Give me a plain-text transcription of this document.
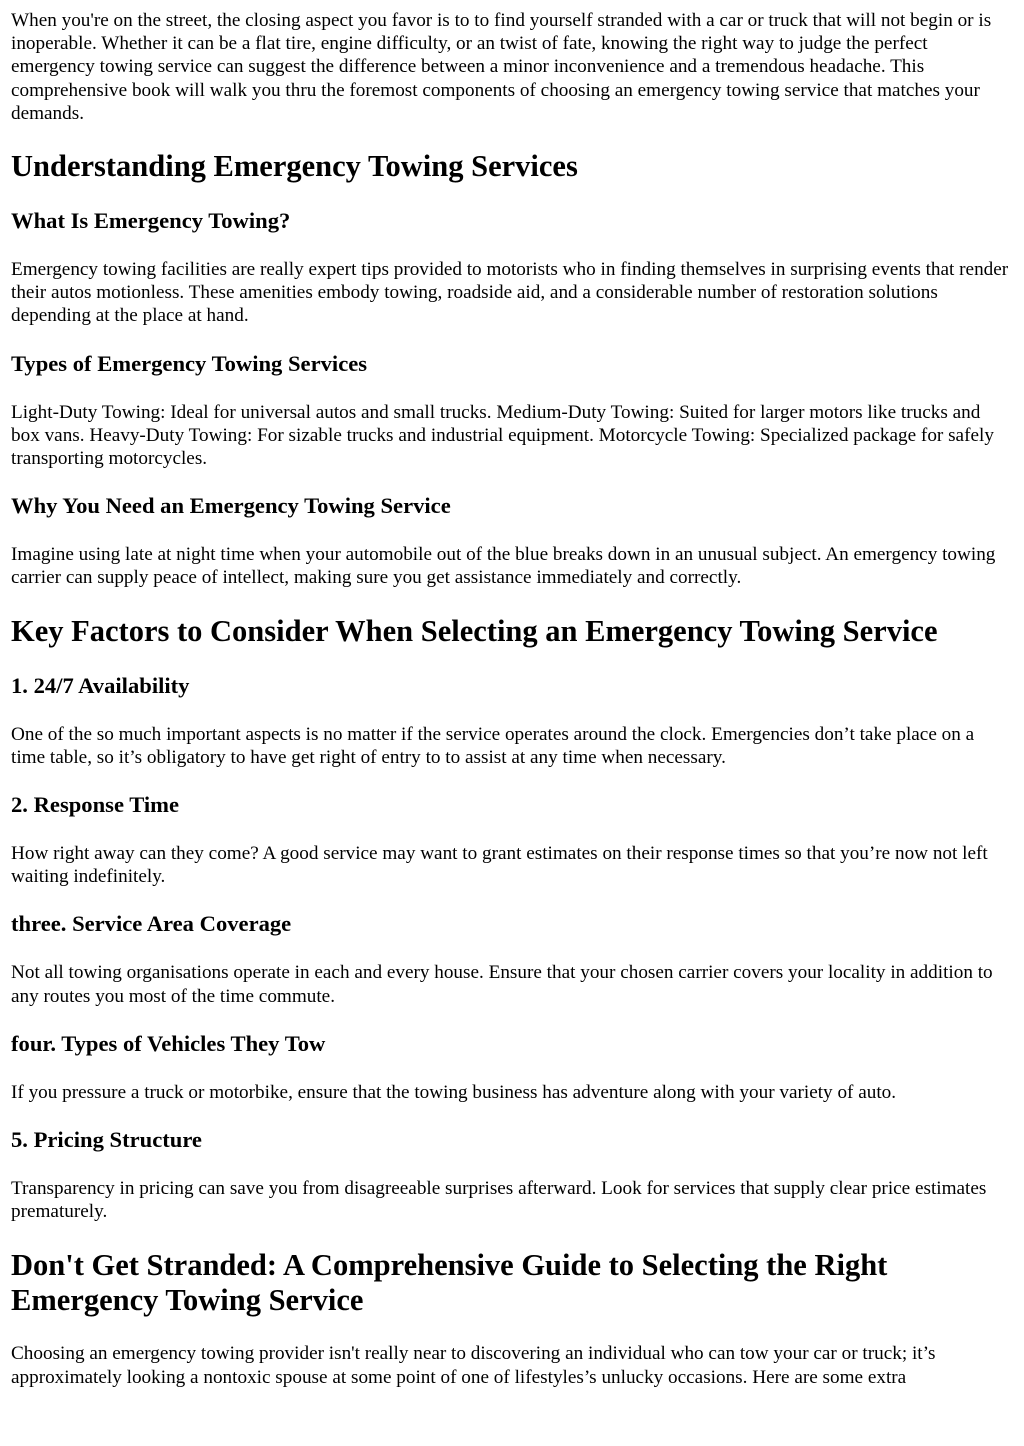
When you're on the street, the closing aspect you favor is to to find yourself stranded with a car or truck that will not begin or is inoperable. Whether it can be a flat tire, engine difficulty, or an twist of fate, knowing the right way to judge the perfect emergency towing service can suggest the difference between a minor inconvenience and a tremendous headache. This comprehensive book will walk you thru the foremost components of choosing an emergency towing service that matches your demands.

Understanding Emergency Towing Services
What Is Emergency Towing?

Emergency towing facilities are really expert tips provided to motorists who in finding themselves in surprising events that render their autos motionless. These amenities embody towing, roadside aid, and a considerable number of restoration solutions depending at the place at hand.

Types of Emergency Towing Services

Light-Duty Towing: Ideal for universal autos and small trucks. Medium-Duty Towing: Suited for larger motors like trucks and box vans. Heavy-Duty Towing: For sizable trucks and industrial equipment. Motorcycle Towing: Specialized package for safely transporting motorcycles.

Why You Need an Emergency Towing Service

Imagine using late at night time when your automobile out of the blue breaks down in an unusual subject. An emergency towing carrier can supply peace of intellect, making sure you get assistance immediately and correctly.

Key Factors to Consider When Selecting an Emergency Towing Service
1. 24/7 Availability

One of the so much important aspects is no matter if the service operates around the clock. Emergencies don’t take place on a time table, so it’s obligatory to have get right of entry to to assist at any time when necessary.

2. Response Time

How right away can they come? A good service may want to grant estimates on their response times so that you’re now not left waiting indefinitely.

three. Service Area Coverage

Not all towing organisations operate in each and every house. Ensure that your chosen carrier covers your locality in addition to any routes you most of the time commute.

four. Types of Vehicles They Tow

If you pressure a truck or motorbike, ensure that the towing business has adventure along with your variety of auto.

5. Pricing Structure

Transparency in pricing can save you from disagreeable surprises afterward. Look for services that supply clear price estimates prematurely.

Don't Get Stranded: A Comprehensive Guide to Selecting the Right Emergency Towing Service

Choosing an emergency towing provider isn't really near to discovering an individual who can tow your car or truck; it’s approximately looking a nontoxic spouse at some point of one of lifestyles’s unlucky occasions. Here are some extra
